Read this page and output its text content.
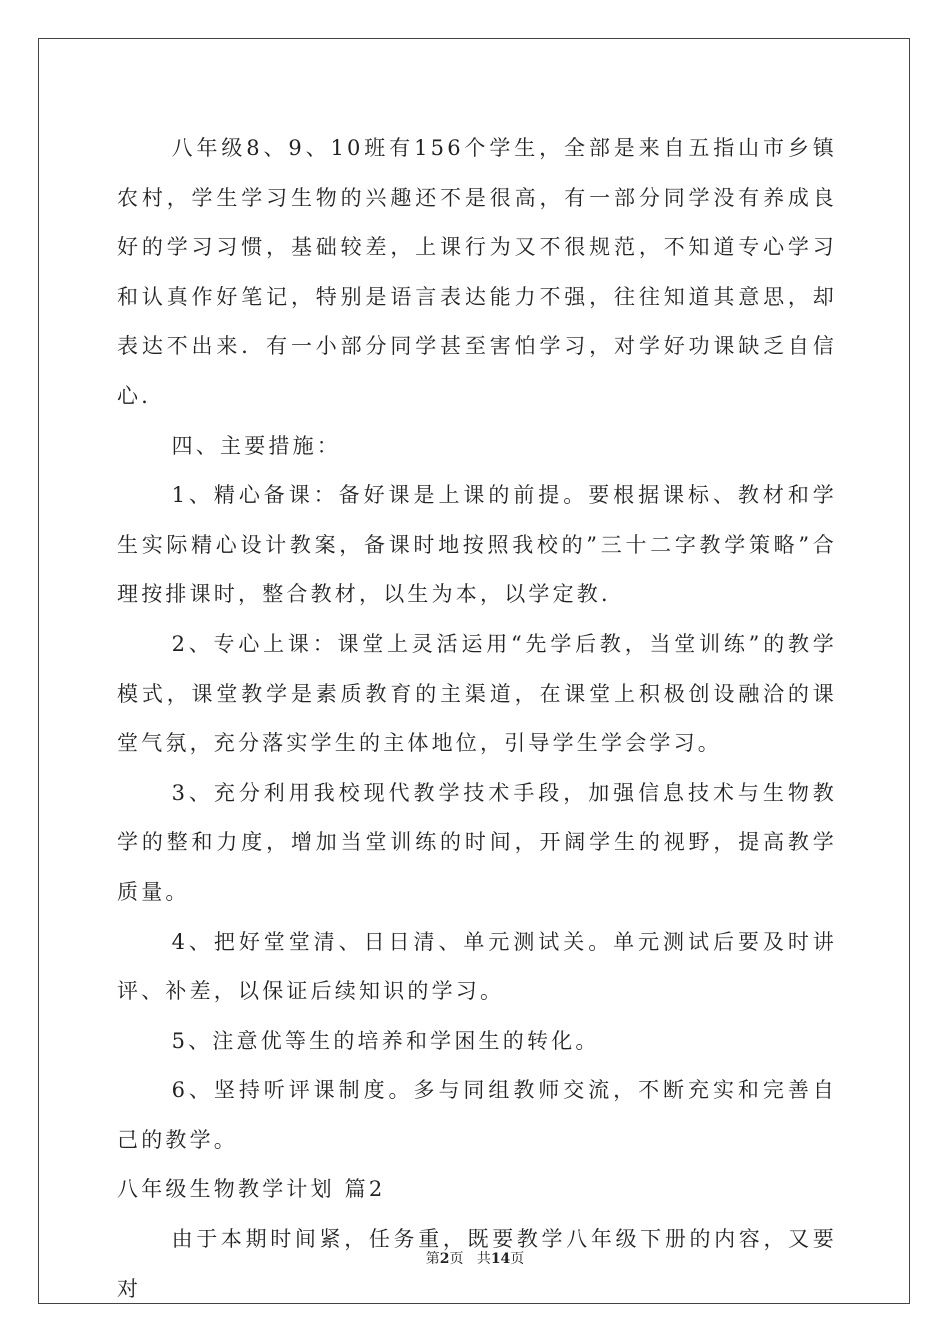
八年级8、9、10班有156个学生，全部是来自五指山市乡镇农村，学生学习生物的兴趣还不是很高，有一部分同学没有养成良好的学习习惯，基础较差，上课行为又不很规范，不知道专心学习和认真作好笔记，特别是语言表达能力不强，往往知道其意思，却表达不出来．有一小部分同学甚至害怕学习，对学好功课缺乏自信心．

四、主要措施：

1、精心备课：备好课是上课的前提。要根据课标、教材和学生实际精心设计教案，备课时地按照我校的”三十二字教学策略”合理按排课时，整合教材，以生为本，以学定教．

2、专心上课：课堂上灵活运用“先学后教，当堂训练”的教学模式，课堂教学是素质教育的主渠道，在课堂上积极创设融洽的课堂气氛，充分落实学生的主体地位，引导学生学会学习。

3、充分利用我校现代教学技术手段，加强信息技术与生物教学的整和力度，增加当堂训练的时间，开阔学生的视野，提高教学质量。

4、把好堂堂清、日日清、单元测试关。单元测试后要及时讲评、补差，以保证后续知识的学习。

5、注意优等生的培养和学困生的转化。

6、坚持听评课制度。多与同组教师交流，不断充实和完善自己的教学。

八年级生物教学计划 篇2

由于本期时间紧，任务重，既要教学八年级下册的内容，又要对

第2页 共14页
